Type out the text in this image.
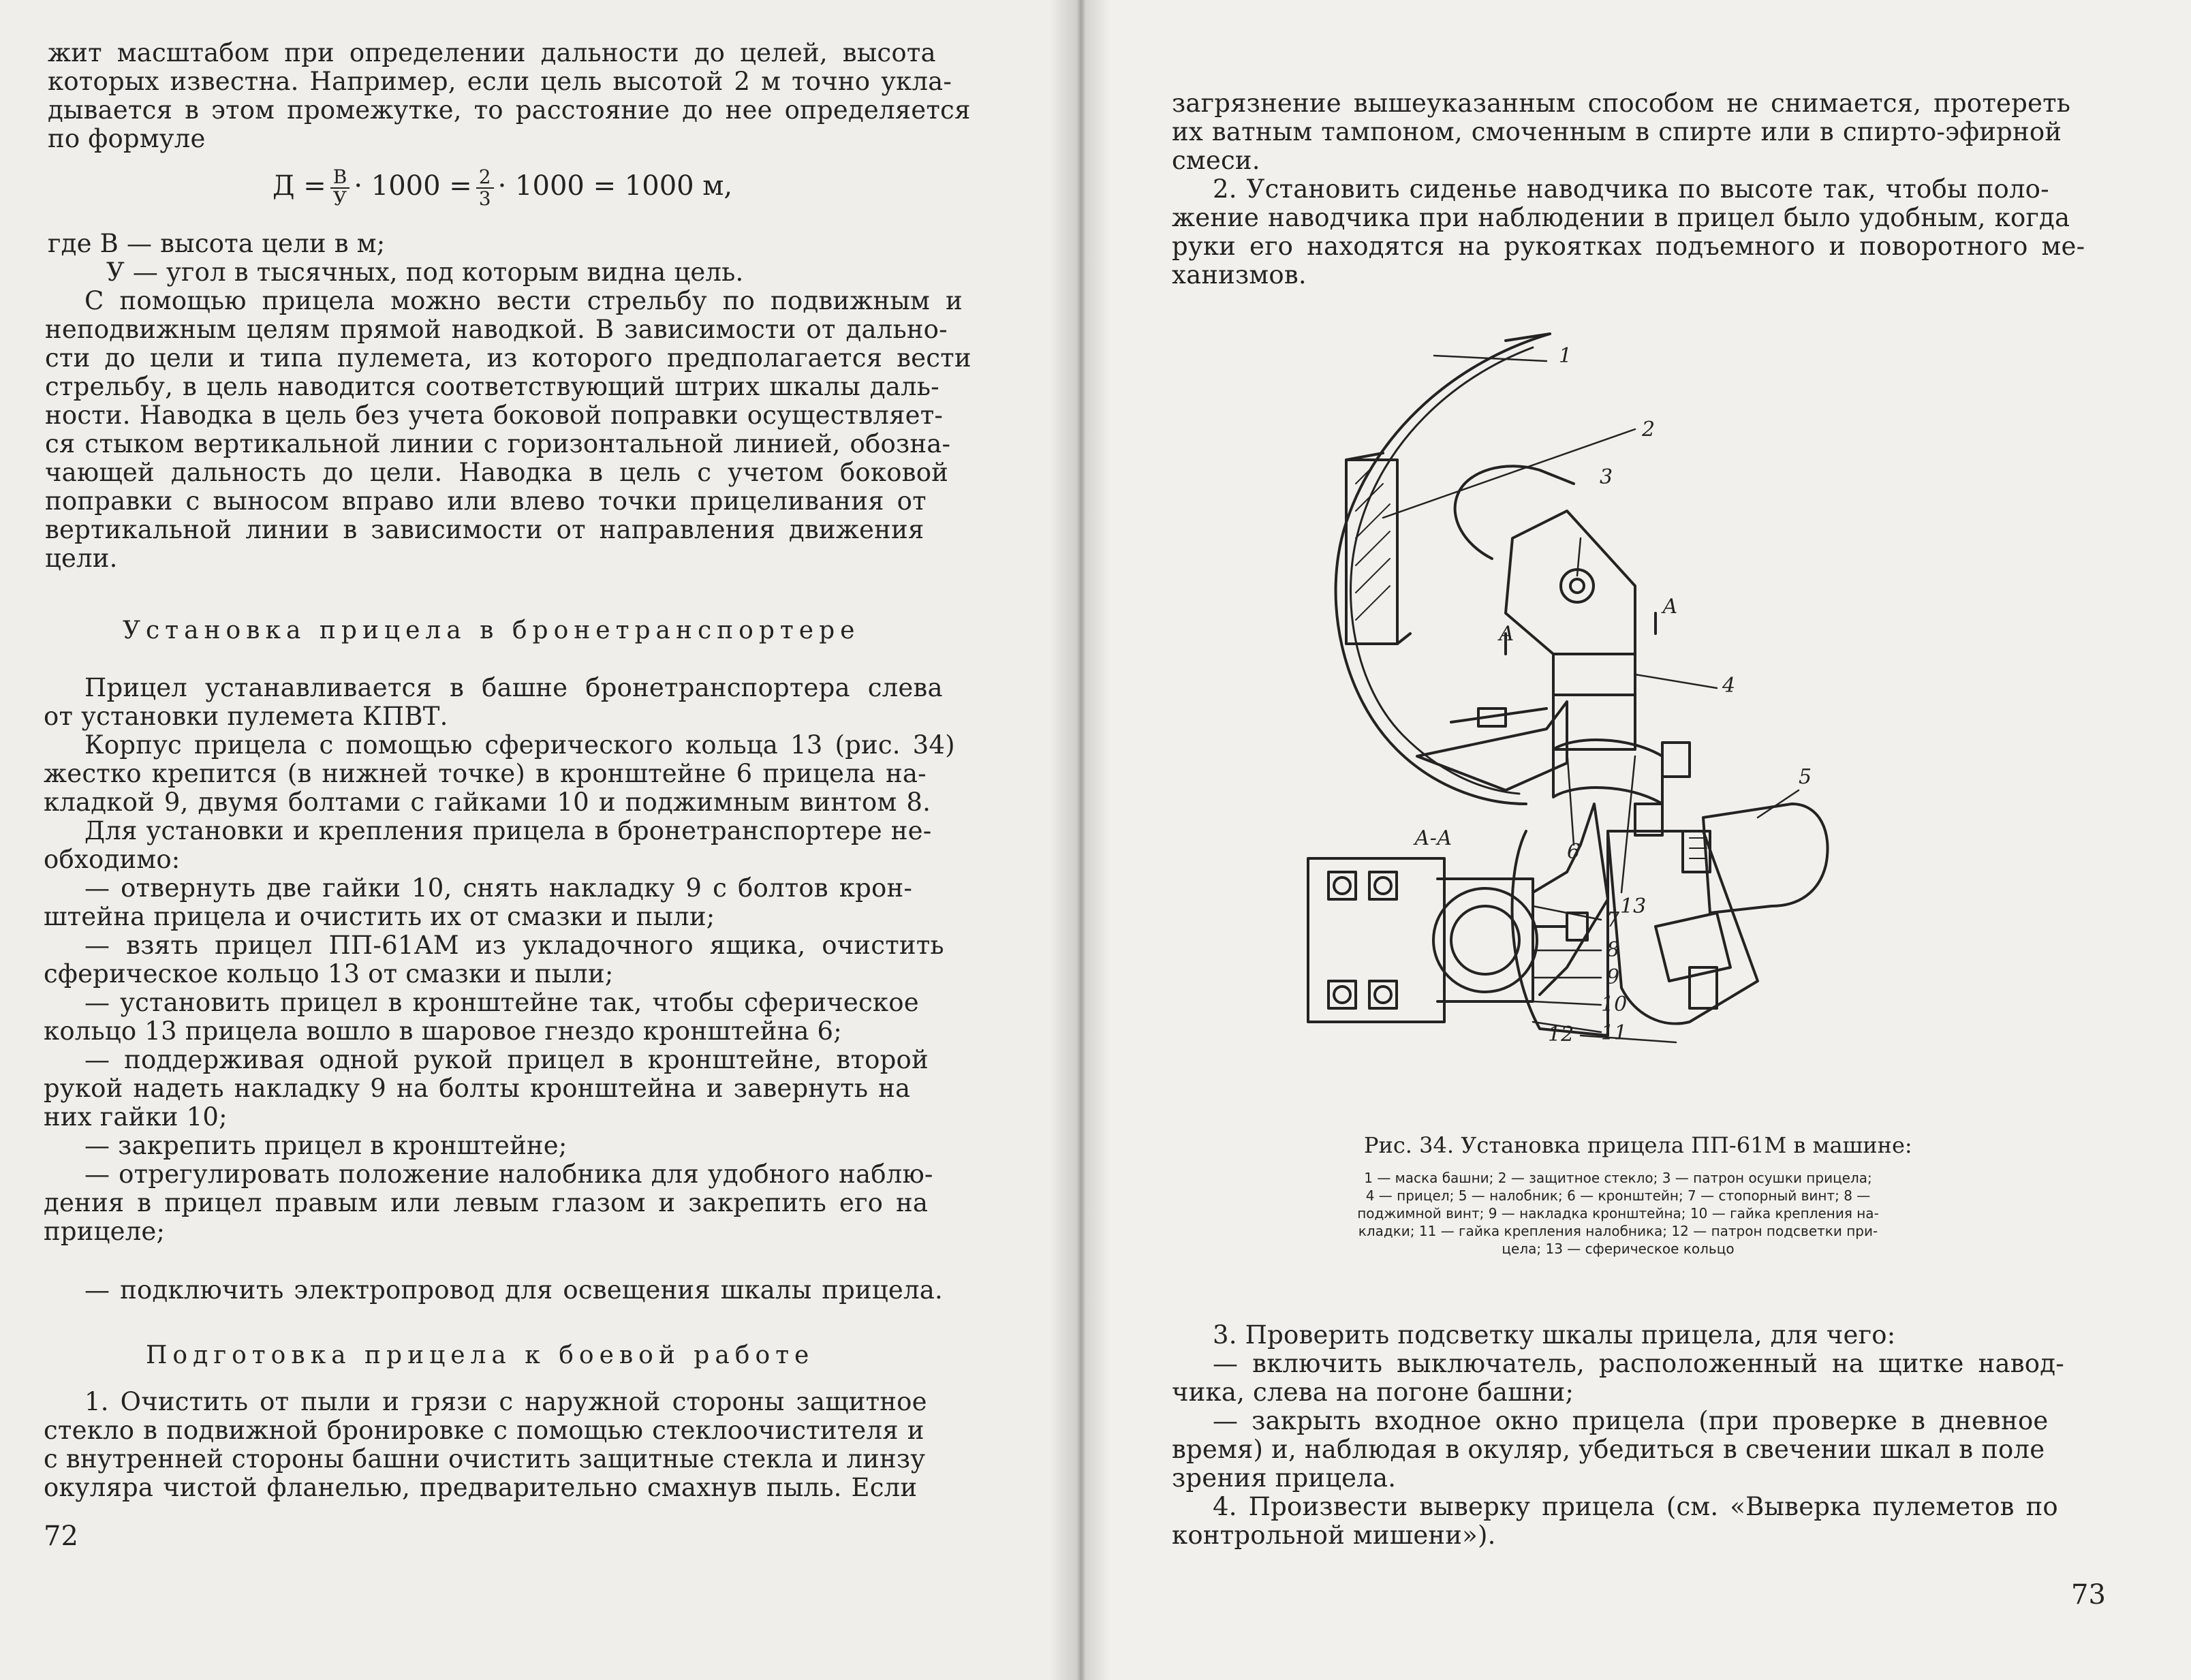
жит масштабом при определении дальности до целей, высота
которых известна. Например, если цель высотой 2 м точно укла-
дывается в этом промежутке, то расстояние до нее определяется
по формуле
$Д = \frac{В}{У} \cdot 1000 = \frac{2}{3} \cdot 1000 = 1000$ м,
где В — высота цели в м;
У — угол в тысячных, под которым видна цель.
С помощью прицела можно вести стрельбу по подвижным и
неподвижным целям прямой наводкой. В зависимости от дально-
сти до цели и типа пулемета, из которого предполагается вести
стрельбу, в цель наводится соответствующий штрих шкалы даль-
ности. Наводка в цель без учета боковой поправки осуществляет-
ся стыком вертикальной линии с горизонтальной линией, обозна-
чающей дальность до цели. Наводка в цель с учетом боковой
поправки с выносом вправо или влево точки прицеливания от
вертикальной линии в зависимости от направления движения
цели.
Установка прицела в бронетранспортере
Прицел устанавливается в башне бронетранспортера слева
от установки пулемета КПВТ.
Корпус прицела с помощью сферического кольца 13 (рис. 34)
жестко крепится (в нижней точке) в кронштейне 6 прицела на-
кладкой 9, двумя болтами с гайками 10 и поджимным винтом 8.
Для установки и крепления прицела в бронетранспортере не-
обходимо:
— отвернуть две гайки 10, снять накладку 9 с болтов крон-
штейна прицела и очистить их от смазки и пыли;
— взять прицел ПП-61АМ из укладочного ящика, очистить
сферическое кольцо 13 от смазки и пыли;
— установить прицел в кронштейне так, чтобы сферическое
кольцо 13 прицела вошло в шаровое гнездо кронштейна 6;
— поддерживая одной рукой прицел в кронштейне, второй
рукой надеть накладку 9 на болты кронштейна и завернуть на
них гайки 10;
— закрепить прицел в кронштейне;
— отрегулировать положение налобника для удобного наблю-
дения в прицел правым или левым глазом и закрепить его на
прицеле;
— подключить электропровод для освещения шкалы прицела.
Подготовка прицела к боевой работе
1. Очистить от пыли и грязи с наружной стороны защитное
стекло в подвижной бронировке с помощью стеклоочистителя и
с внутренней стороны башни очистить защитные стекла и линзу
окуляра чистой фланелью, предварительно смахнув пыль. Если
72
загрязнение вышеуказанным способом не снимается, протереть
их ватным тампоном, смоченным в спирте или в спирто-эфирной
смеси.
2. Установить сиденье наводчика по высоте так, чтобы поло-
жение наводчика при наблюдении в прицел было удобным, когда
руки его находятся на рукоятках подъемного и поворотного ме-
ханизмов.
Рис. 34. Установка прицела ПП-61М в машине:
1 — маска башни; 2 — защитное стекло; 3 — патрон осушки прицела;
4 — прицел; 5 — налобник; 6 — кронштейн; 7 — стопорный винт; 8 —
поджимной винт; 9 — накладка кронштейна; 10 — гайка крепления на-
кладки; 11 — гайка крепления налобника; 12 — патрон подсветки при-
цела; 13 — сферическое кольцо
3. Проверить подсветку шкалы прицела, для чего:
— включить выключатель, расположенный на щитке навод-
чика, слева на погоне башни;
— закрыть входное окно прицела (при проверке в дневное
время) и, наблюдая в окуляр, убедиться в свечении шкал в поле
зрения прицела.
4. Произвести выверку прицела (см. «Выверка пулеметов по
контрольной мишени»).
73
1
2
3
4
5
6
7
8
9
10
11
12
13
А-А
А
А
